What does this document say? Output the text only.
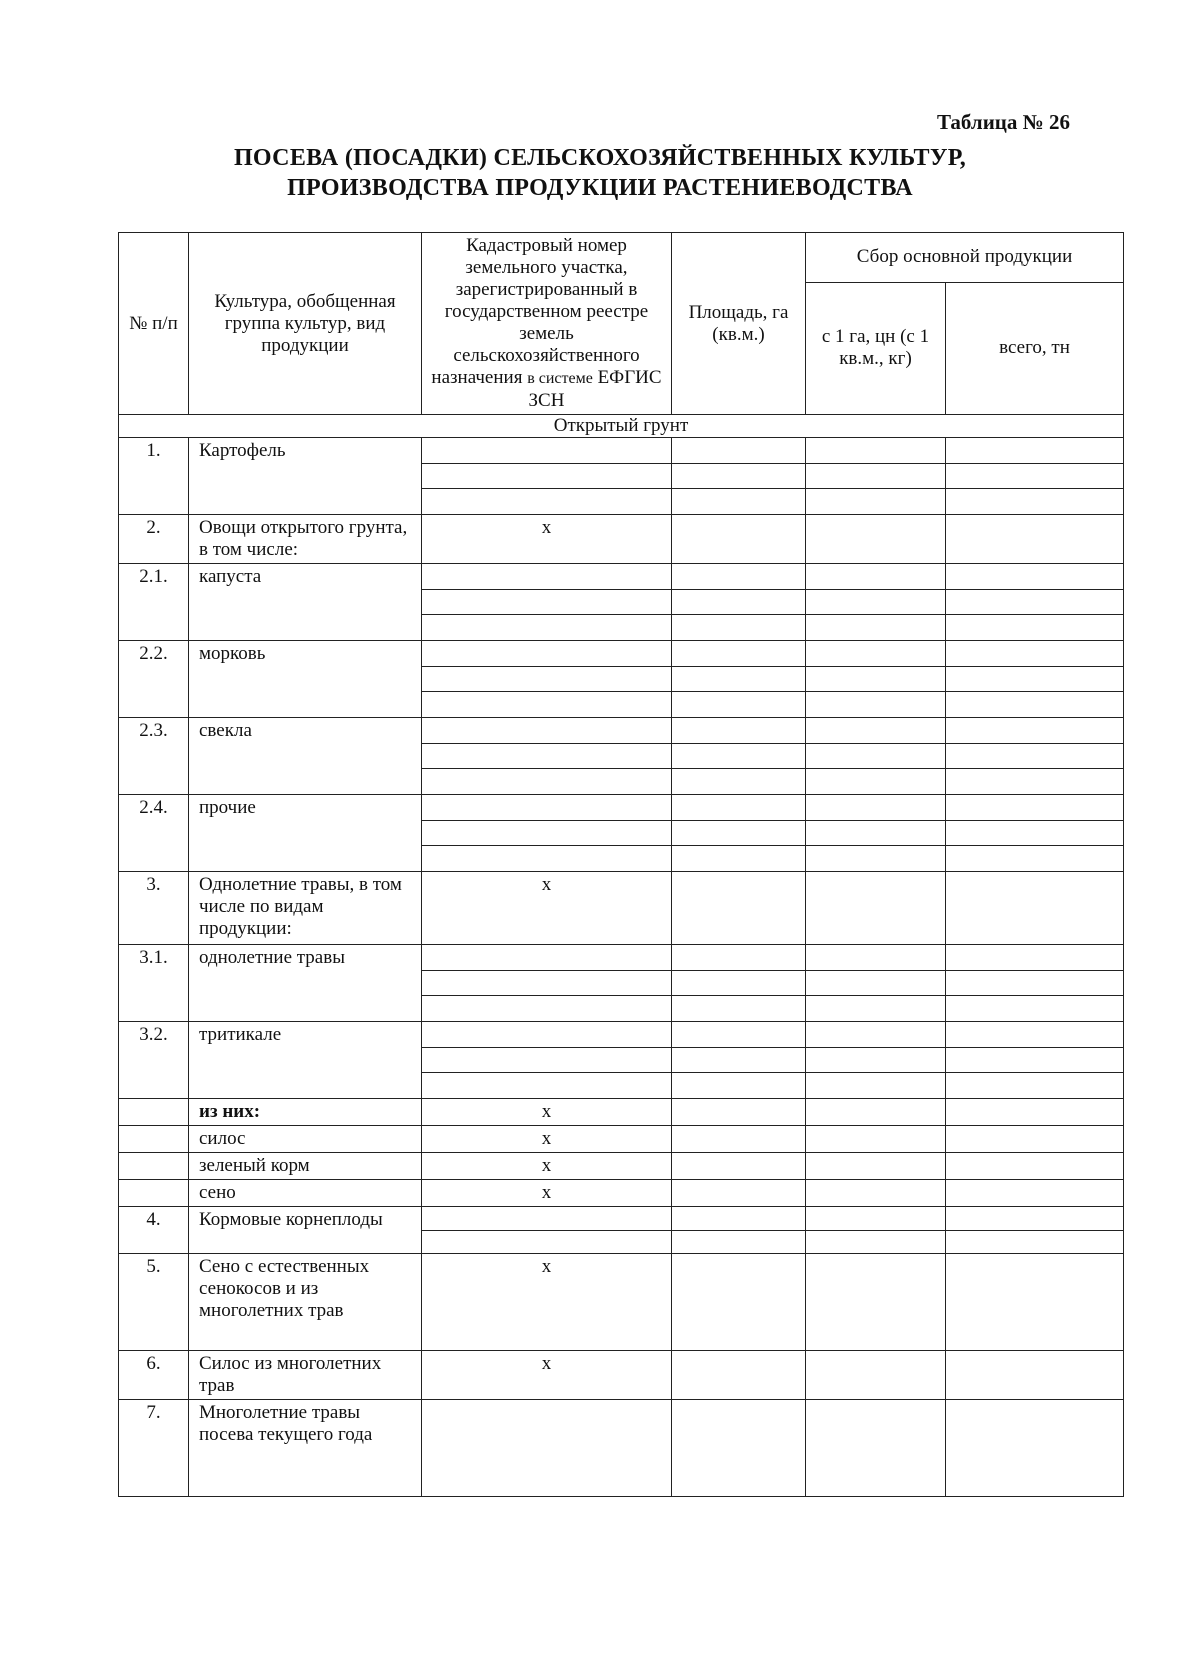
Таблица № 26
ПОСЕВА (ПОСАДКИ) СЕЛЬСКОХОЗЯЙСТВЕННЫХ КУЛЬТУР,
ПРОИЗВОДСТВА ПРОДУКЦИИ РАСТЕНИЕВОДСТВА
№ п/п	Культура, обобщенная группа культур, вид продукции	Кадастровый номер земельного участка, зарегистрированный в государственном реестре земель сельскохозяйственного назначения в системе ЕФГИС ЗСН	Площадь, га (кв.м.)	Сбор основной продукции	
				с 1 га, цн (с 1 кв.м., кг)	всего, тн
Открытый грунт					
1.	Картофель	

2.	Овощи открытого грунта, в том числе:	x	

2.1.	капуста	

2.2.	морковь	

2.3.	свекла	

2.4.	прочие	

3.	Однолетние травы, в том числе по видам продукции:	x	

3.1.	однолетние травы	

3.2.	тритикале	

	из них:	x	

	силос	x	

	зеленый корм	x	

	сено	x	

4.	Кормовые корнеплоды	

5.	Сено с естественных сенокосов и из многолетних трав	x	

6.	Силос из многолетних трав	x	

7.	Многолетние травы посева текущего года	
